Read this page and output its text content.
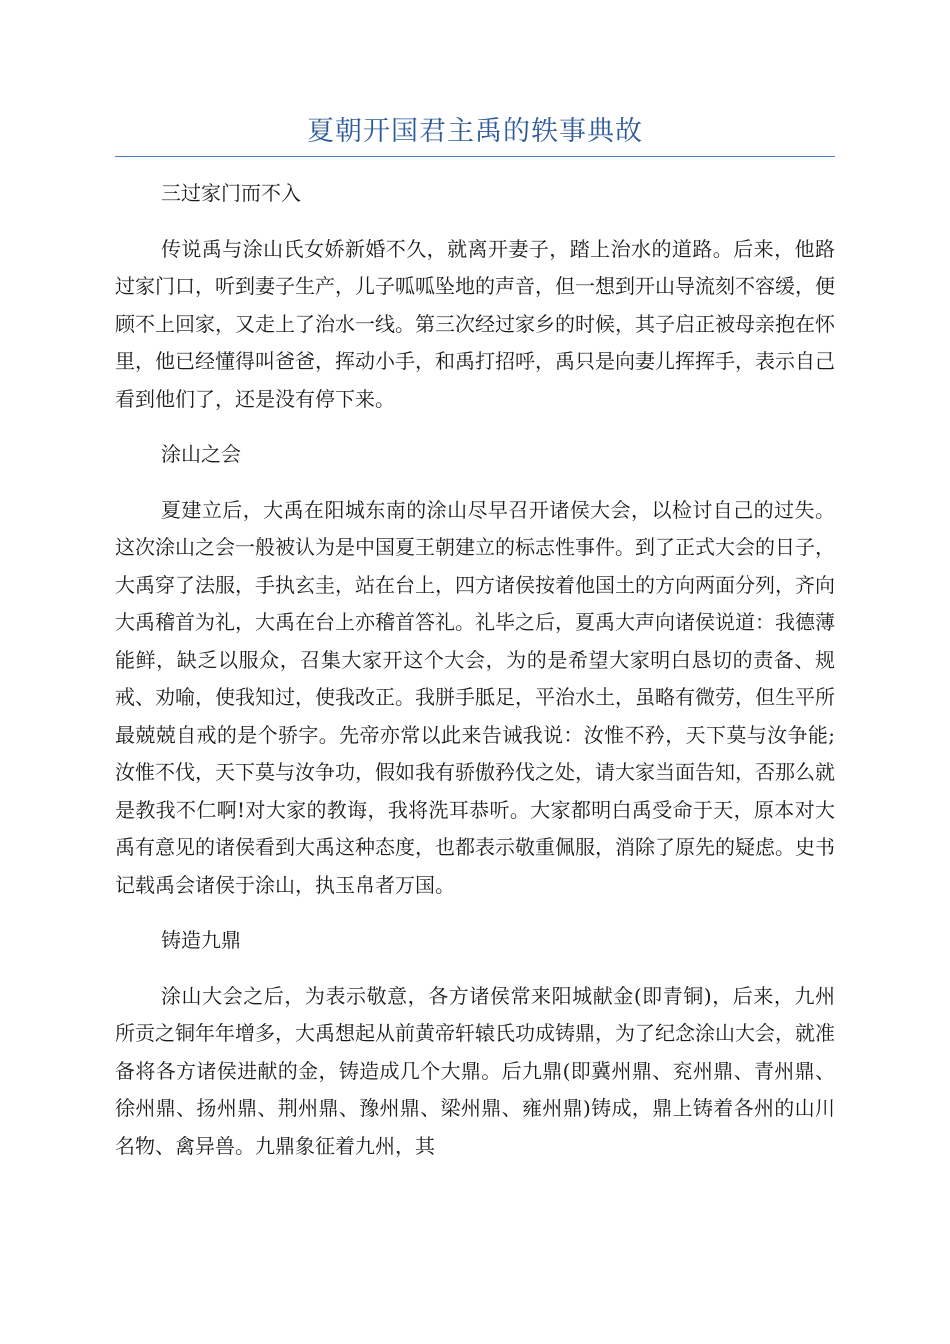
夏朝开国君主禹的轶事典故

三过家门而不入

传说禹与涂山氏女娇新婚不久，就离开妻子，踏上治水的道路。后来，他路过家门口，听到妻子生产，儿子呱呱坠地的声音，但一想到开山导流刻不容缓，便顾不上回家，又走上了治水一线。第三次经过家乡的时候，其子启正被母亲抱在怀里，他已经懂得叫爸爸，挥动小手，和禹打招呼，禹只是向妻儿挥挥手，表示自己看到他们了，还是没有停下来。

涂山之会

夏建立后，大禹在阳城东南的涂山尽早召开诸侯大会，以检讨自己的过失。这次涂山之会一般被认为是中国夏王朝建立的标志性事件。到了正式大会的日子，大禹穿了法服，手执玄圭，站在台上，四方诸侯按着他国土的方向两面分列，齐向大禹稽首为礼，大禹在台上亦稽首答礼。礼毕之后，夏禹大声向诸侯说道：我德薄能鲜，缺乏以服众，召集大家开这个大会，为的是希望大家明白恳切的责备、规戒、劝喻，使我知过，使我改正。我胼手胝足，平治水土，虽略有微劳，但生平所最兢兢自戒的是个骄字。先帝亦常以此来告诫我说：汝惟不矜，天下莫与汝争能;汝惟不伐，天下莫与汝争功，假如我有骄傲矜伐之处，请大家当面告知，否那么就是教我不仁啊!对大家的教诲，我将洗耳恭听。大家都明白禹受命于天，原本对大禹有意见的诸侯看到大禹这种态度，也都表示敬重佩服，消除了原先的疑虑。史书记载禹会诸侯于涂山，执玉帛者万国。

铸造九鼎

涂山大会之后，为表示敬意，各方诸侯常来阳城献金(即青铜)，后来，九州所贡之铜年年增多，大禹想起从前黄帝轩辕氏功成铸鼎，为了纪念涂山大会，就准备将各方诸侯进献的金，铸造成几个大鼎。后九鼎(即冀州鼎、兖州鼎、青州鼎、徐州鼎、扬州鼎、荆州鼎、豫州鼎、梁州鼎、雍州鼎)铸成，鼎上铸着各州的山川名物、禽异兽。九鼎象征着九州，其
